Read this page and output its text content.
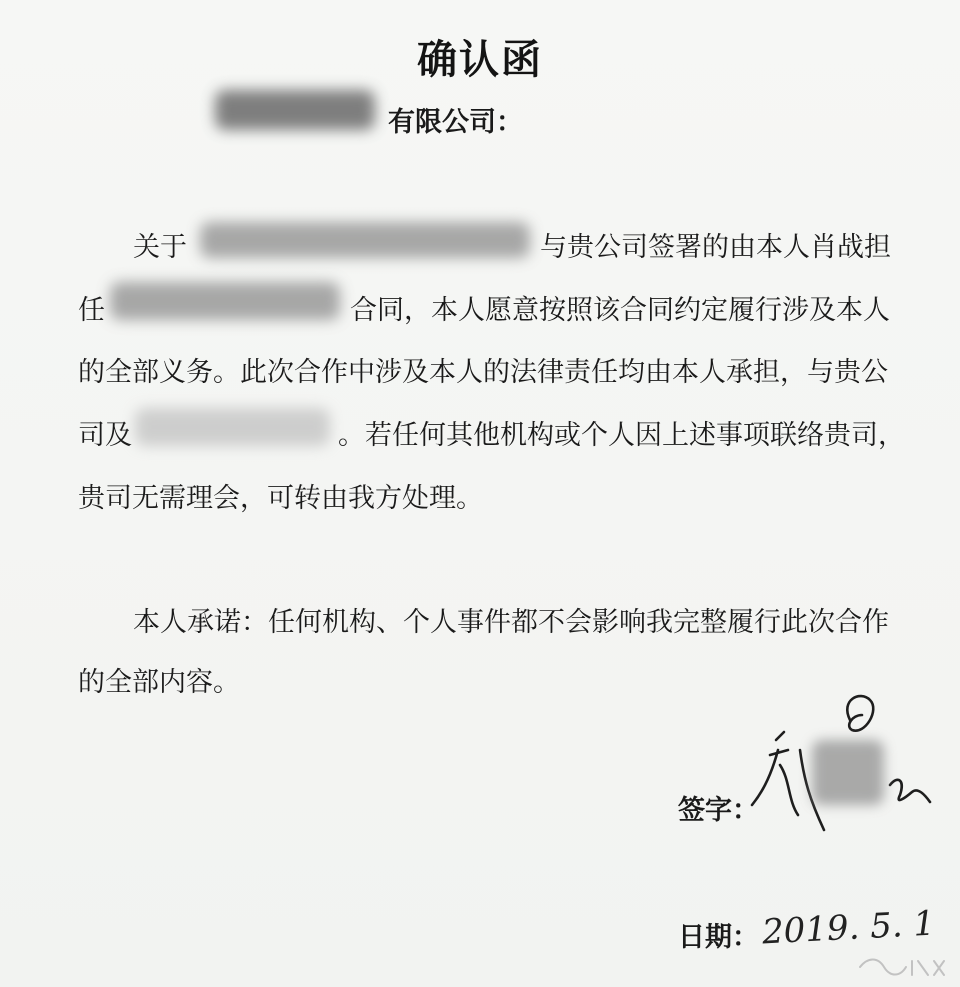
确认函
有限公司：
关于	与贵公司签署的由本人肖战担
任	合同，本人愿意按照该合同约定履行涉及本人
的全部义务。此次合作中涉及本人的法律责任均由本人承担，与贵公
司及	。若任何其他机构或个人因上述事项联络贵司，
贵司无需理会，可转由我方处理。
本人承诺：任何机构、个人事件都不会影响我完整履行此次合作
的全部内容。
签字：
日期： 2019. 5. 1
